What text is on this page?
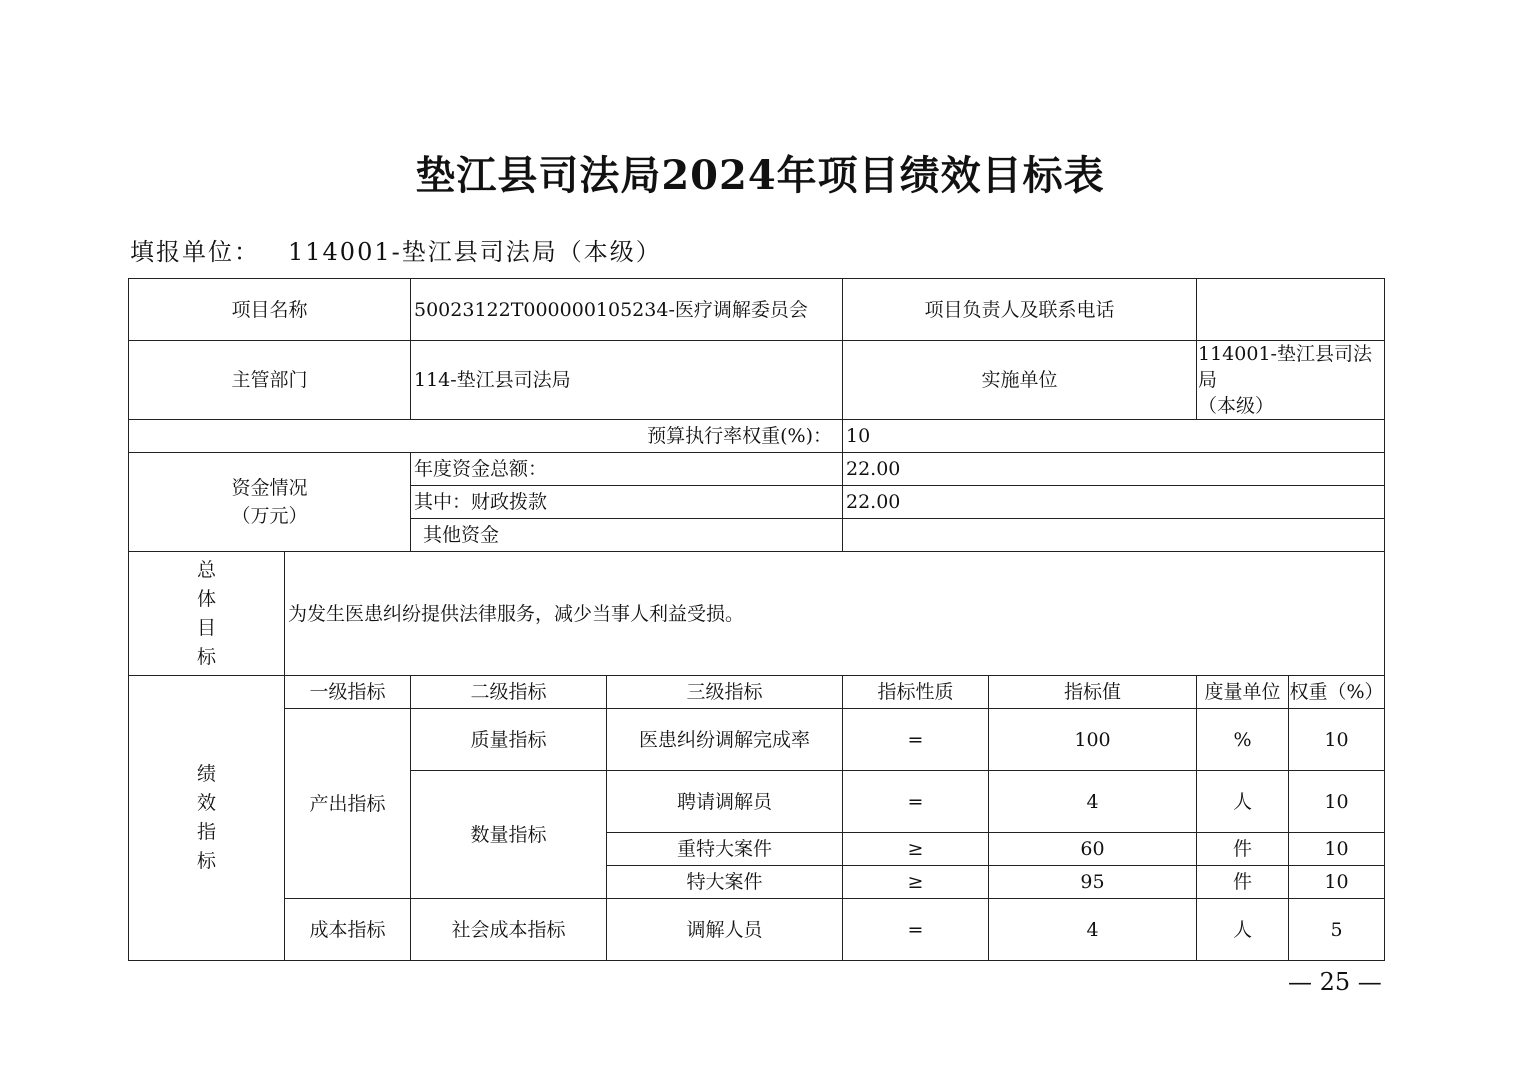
垫江县司法局2024年项目绩效目标表
填报单位： 114001-垫江县司法局（本级）
项目名称		50023122T000000105234-医疗调解委员会		项目负责人及联系电话			
主管部门		114-垫江县司法局		实施单位		114001-垫江县司法局
（本级）	

预算执行率权重(%)：				10			

资金情况
（万元）		年度资金总额：		22.00			
		其中：财政拨款		22.00			
		其他资金					

总
体
目
标	为发生医患纠纷提供法律服务，减少当事人利益受损。						

绩
效
指
标	一级指标	二级指标	三级指标	指标性质	指标值	度量单位	权重（%）
	产出指标	质量指标	医患纠纷调解完成率	=	100	%	10
		数量指标	聘请调解员	=	4	人	10
			重特大案件	≥	60	件	10
			特大案件	≥	95	件	10
	成本指标	社会成本指标	调解人员	=	4	人	5
— 25 —
